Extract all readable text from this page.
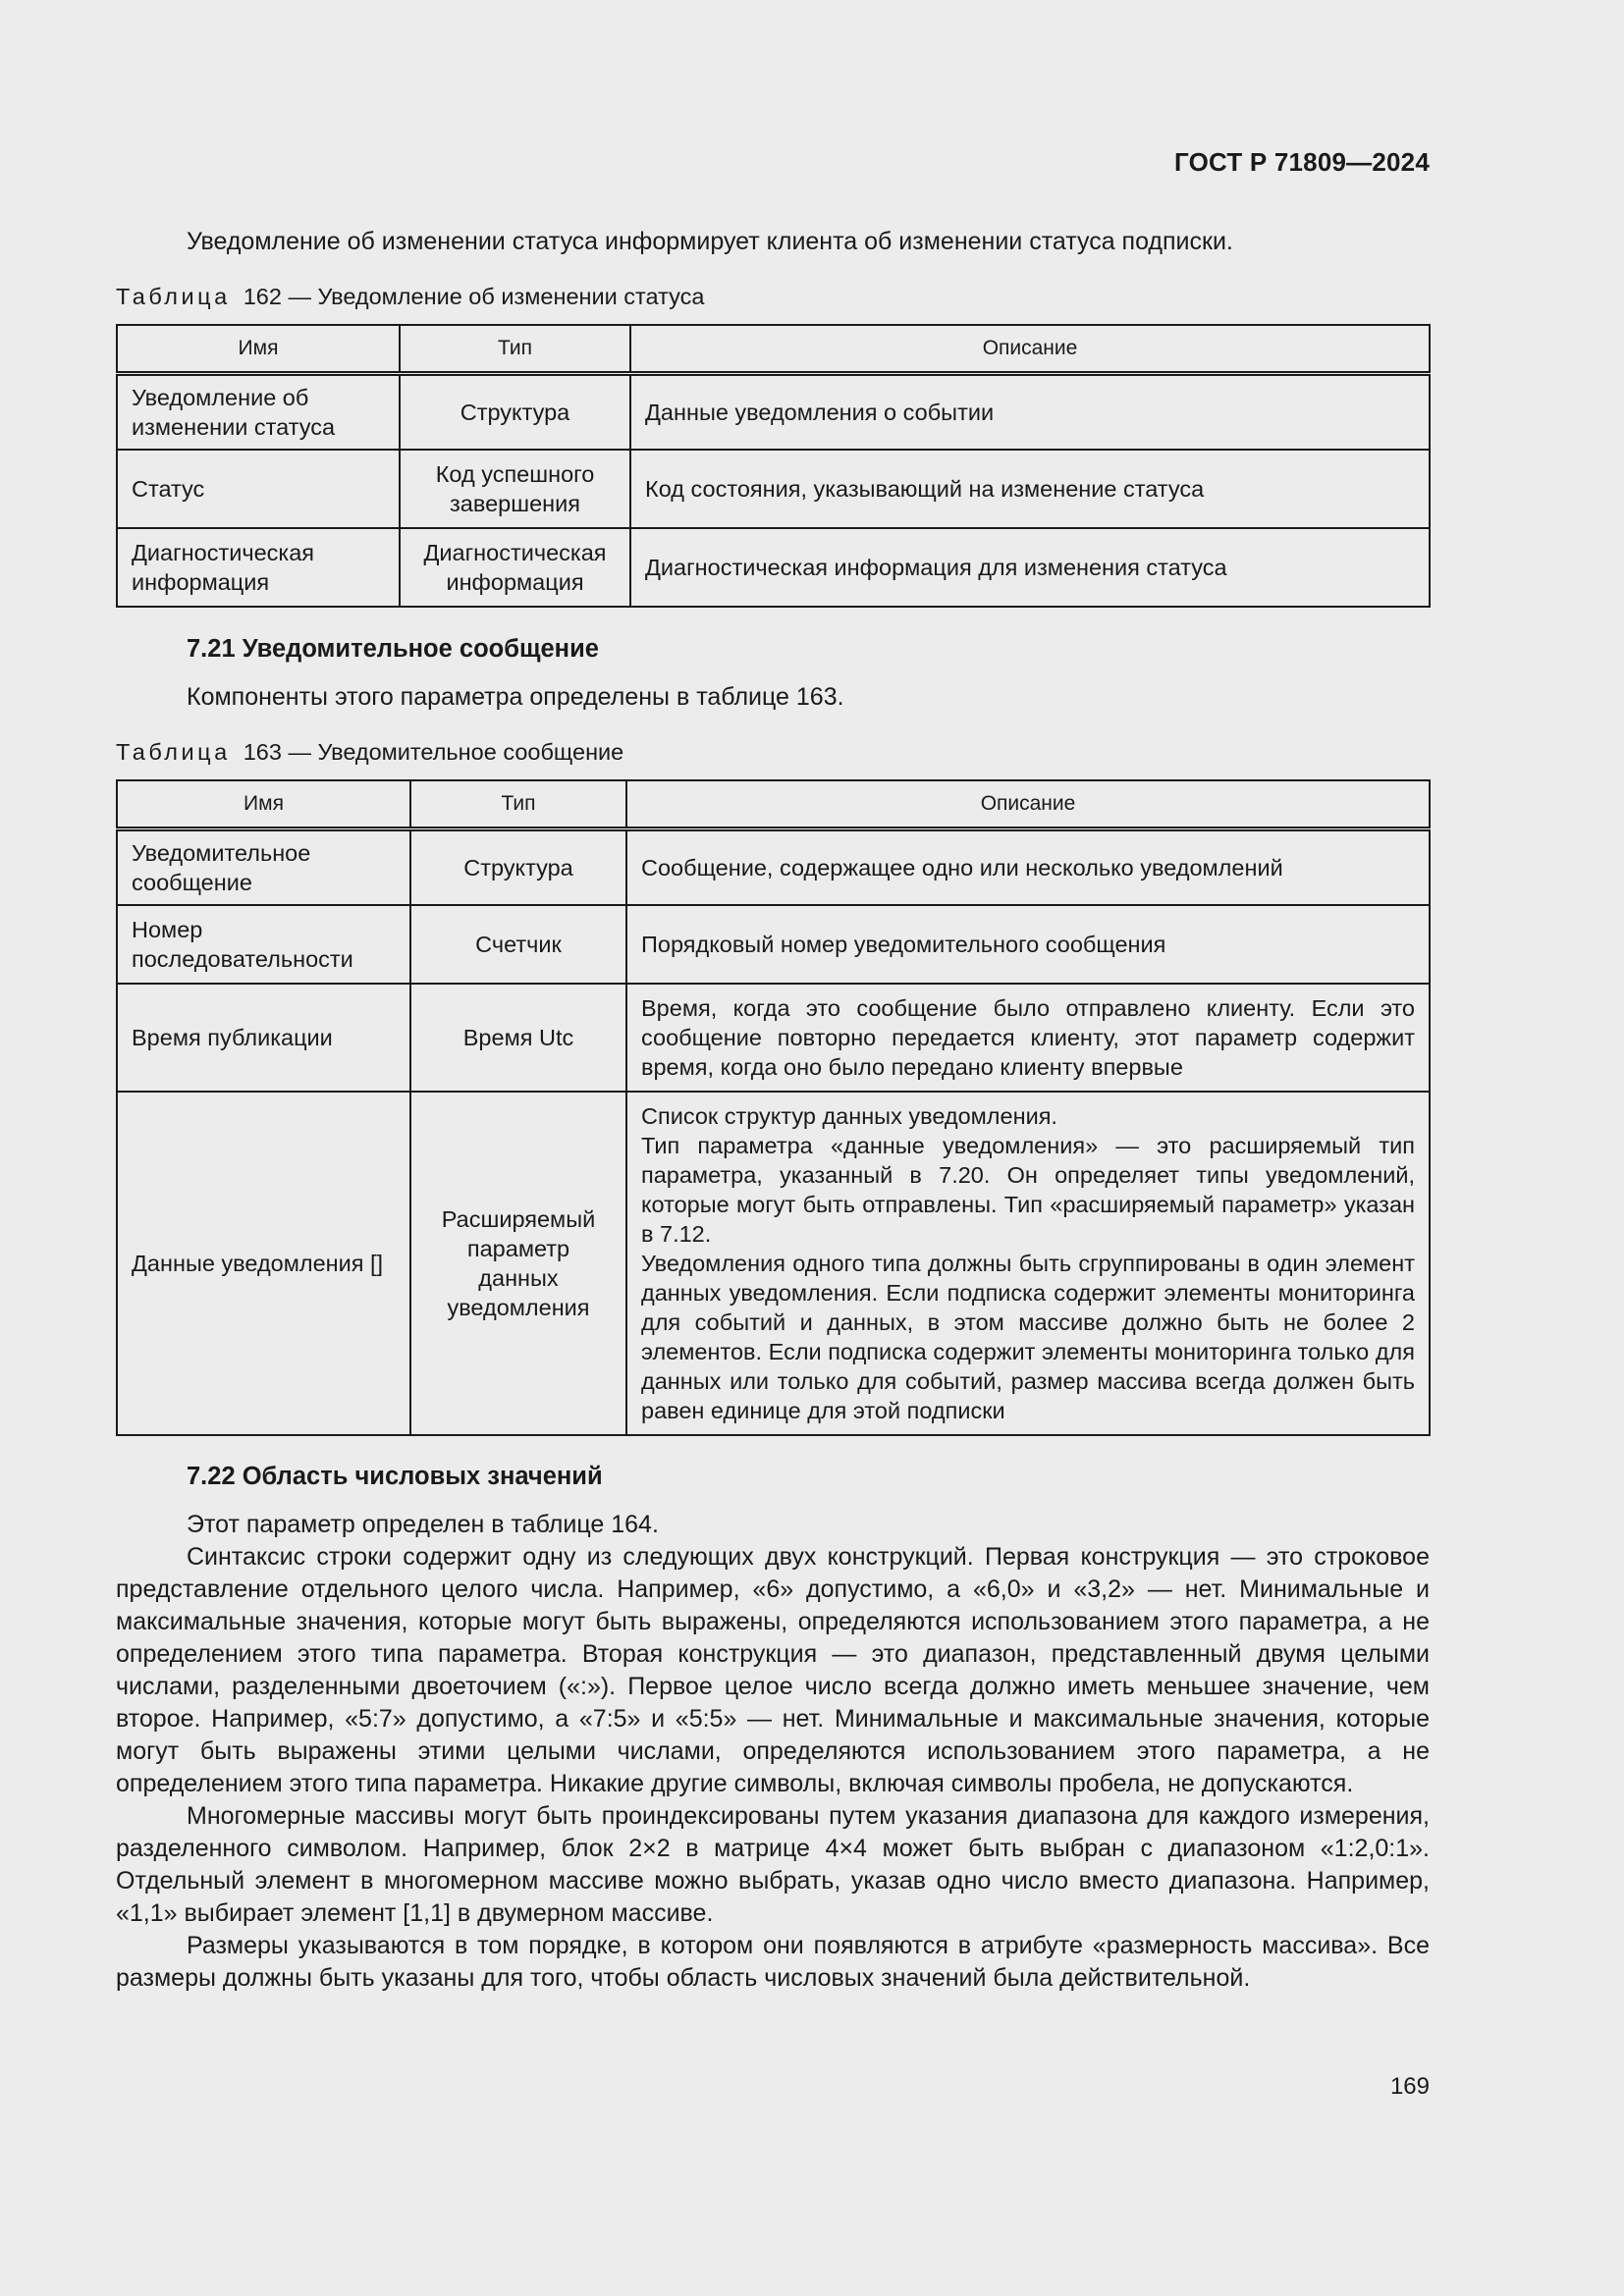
ГОСТ Р 71809—2024
Уведомление об изменении статуса информирует клиента об изменении статуса подписки.
Таблица 162 — Уведомление об изменении статуса
Имя	Тип	Описание
Уведомление об изменении статуса	Структура	Данные уведомления о событии
Статус	Код успешного завершения	Код состояния, указывающий на изменение статуса
Диагностическая информация	Диагностическая информация	Диагностическая информация для изменения статуса
7.21 Уведомительное сообщение
Компоненты этого параметра определены в таблице 163.
Таблица 163 — Уведомительное сообщение
Имя	Тип	Описание
Уведомительное сообщение	Структура	Сообщение, содержащее одно или несколько уведомлений
Номер последовательности	Счетчик	Порядковый номер уведомительного сообщения
Время публикации	Время Utc	Время, когда это сообщение было отправлено клиенту. Если это сообщение повторно передается клиенту, этот параметр содержит время, когда оно было передано клиенту впервые
Данные уведомления []	Расширяемый параметр данных уведомления	Список структур данных уведомления.
Тип параметра «данные уведомления» — это расширяемый тип параметра, указанный в 7.20. Он определяет типы уведомлений, которые могут быть отправлены. Тип «расширяемый параметр» указан в 7.12.
Уведомления одного типа должны быть сгруппированы в один элемент данных уведомления. Если подписка содержит элементы мониторинга для событий и данных, в этом массиве должно быть не более 2 элементов. Если подписка содержит элементы мониторинга только для данных или только для событий, размер массива всегда должен быть равен единице для этой подписки
7.22 Область числовых значений

Этот параметр определен в таблице 164.

Синтаксис строки содержит одну из следующих двух конструкций. Первая конструкция — это строковое представление отдельного целого числа. Например, «6» допустимо, а «6,0» и «3,2» — нет. Минимальные и максимальные значения, которые могут быть выражены, определяются использованием этого параметра, а не определением этого типа параметра. Вторая конструкция — это диапазон, представленный двумя целыми числами, разделенными двоеточием («:»). Первое целое число всегда должно иметь меньшее значение, чем второе. Например, «5:7» допустимо, а «7:5» и «5:5» — нет. Минимальные и максимальные значения, которые могут быть выражены этими целыми числами, определяются использованием этого параметра, а не определением этого типа параметра. Никакие другие символы, включая символы пробела, не допускаются.

Многомерные массивы могут быть проиндексированы путем указания диапазона для каждого измерения, разделенного символом. Например, блок 2×2 в матрице 4×4 может быть выбран с диапазоном «1:2,0:1». Отдельный элемент в многомерном массиве можно выбрать, указав одно число вместо диапазона. Например, «1,1» выбирает элемент [1,1] в двумерном массиве.

Размеры указываются в том порядке, в котором они появляются в атрибуте «размерность массива». Все размеры должны быть указаны для того, чтобы область числовых значений была действительной.

169
